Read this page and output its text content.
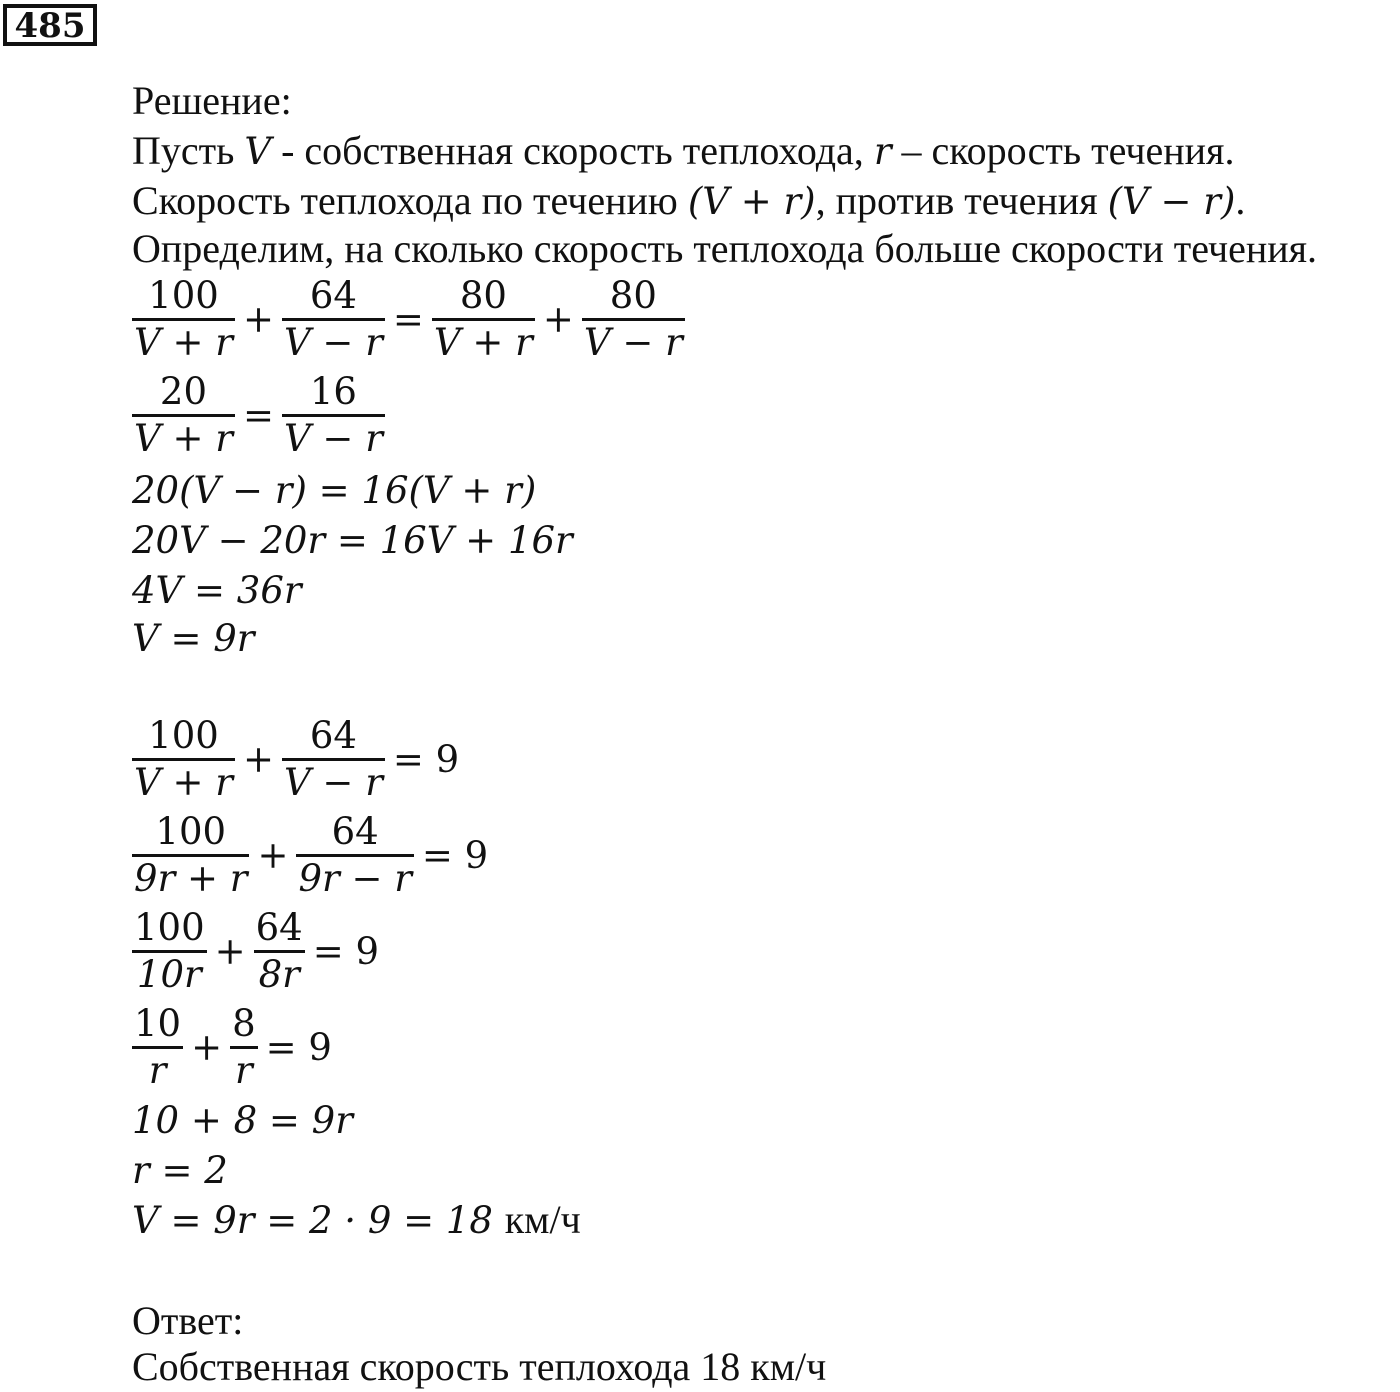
485
Решение:
Пусть V - собственная скорость теплохода, r – скорость течения.
Скорость теплохода по течению (V + r), против течения (V − r).
Определим, на сколько скорость теплохода больше скорости течения.
$\frac{100}{V + r} + \frac{64}{V - r} = \frac{80}{V + r} + \frac{80}{V - r}$
$\frac{20}{V + r} = \frac{16}{V - r}$
20(V − r) = 16(V + r)
20V − 20r = 16V + 16r
4V = 36r
V = 9r
$\frac{100}{V + r} + \frac{64}{V - r} = 9$
$\frac{100}{9r + r} + \frac{64}{9r - r} = 9$
$\frac{100}{10r} + \frac{64}{8r} = 9$
$\frac{10}{r} + \frac{8}{r} = 9$
10 + 8 = 9r
r = 2
V = 9r = 2 · 9 = 18 км/ч
Ответ:
Собственная скорость теплохода 18 км/ч
